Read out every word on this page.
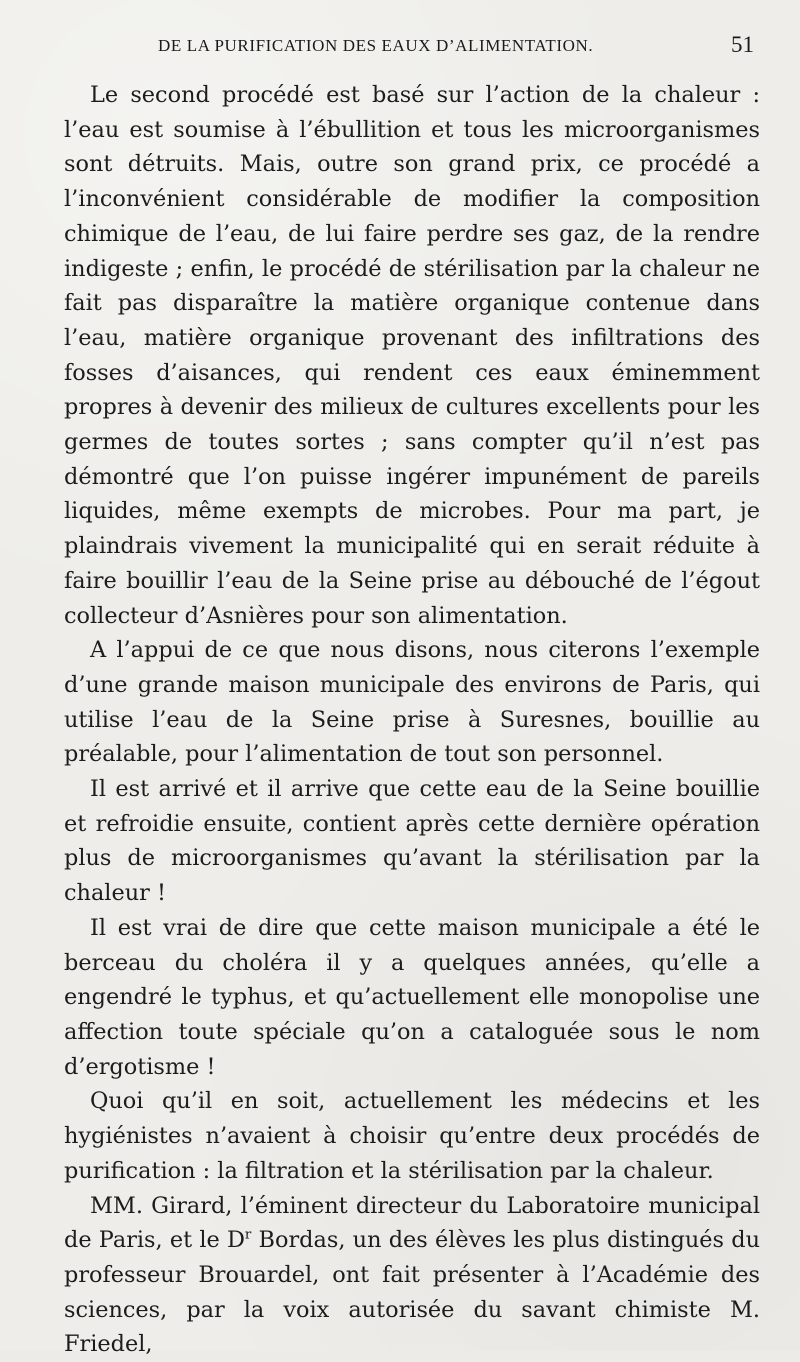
DE LA PURIFICATION DES EAUX D’ALIMENTATION.	51

Le second procédé est basé sur l’action de la chaleur : l’eau est soumise à l’ébullition et tous les microorganismes sont détruits. Mais, outre son grand prix, ce procédé a l’inconvénient considérable de modifier la composition chimique de l’eau, de lui faire perdre ses gaz, de la rendre indigeste ; enfin, le procédé de stérilisation par la chaleur ne fait pas disparaître la matière organique contenue dans l’eau, matière organique provenant des infiltrations des fosses d’aisances, qui rendent ces eaux éminemment propres à devenir des milieux de cultures excellents pour les germes de toutes sortes ; sans compter qu’il n’est pas démontré que l’on puisse ingérer impunément de pareils liquides, même exempts de microbes. Pour ma part, je plaindrais vivement la municipalité qui en serait réduite à faire bouillir l’eau de la Seine prise au débouché de l’égout collecteur d’Asnières pour son alimentation.

A l’appui de ce que nous disons, nous citerons l’exemple d’une grande maison municipale des environs de Paris, qui utilise l’eau de la Seine prise à Suresnes, bouillie au préalable, pour l’alimentation de tout son personnel.

Il est arrivé et il arrive que cette eau de la Seine bouillie et refroidie ensuite, contient après cette dernière opération plus de microorganismes qu’avant la stérilisation par la chaleur !

Il est vrai de dire que cette maison municipale a été le berceau du choléra il y a quelques années, qu’elle a engendré le typhus, et qu’actuellement elle monopolise une affection toute spéciale qu’on a cataloguée sous le nom d’ergotisme !

Quoi qu’il en soit, actuellement les médecins et les hygiénistes n’avaient à choisir qu’entre deux procédés de purification : la filtration et la stérilisation par la chaleur.

MM. Girard, l’éminent directeur du Laboratoire municipal de Paris, et le $D^r$ Bordas, un des élèves les plus distingués du professeur Brouardel, ont fait présenter à l’Académie des sciences, par la voix autorisée du savant chimiste M. Friedel,
